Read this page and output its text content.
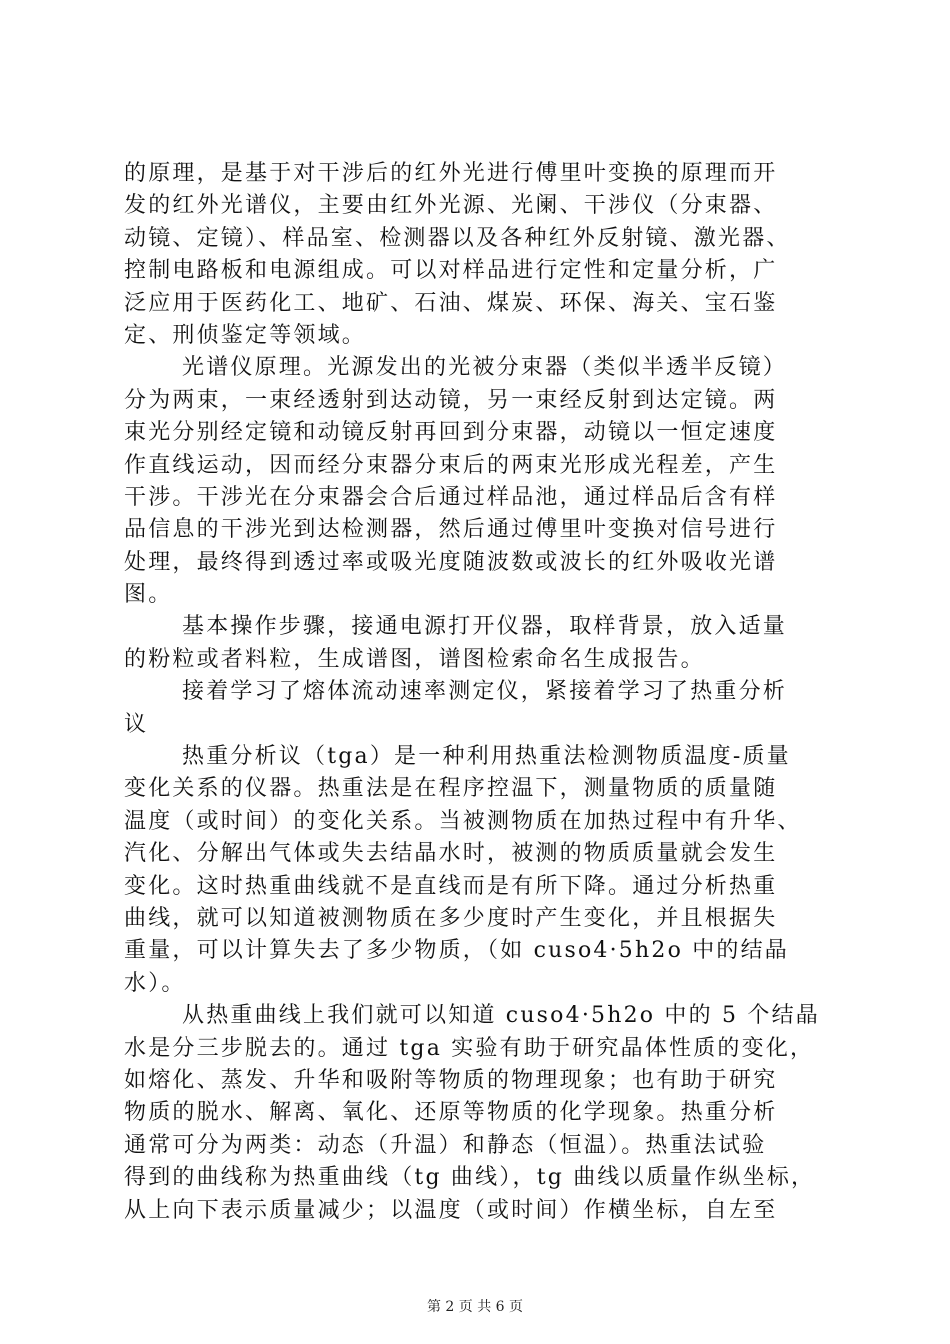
的原理，是基于对干涉后的红外光进行傅里叶变换的原理而开
发的红外光谱仪，主要由红外光源、光阑、干涉仪（分束器、
动镜、定镜）、样品室、检测器以及各种红外反射镜、激光器、
控制电路板和电源组成。可以对样品进行定性和定量分析，广
泛应用于医药化工、地矿、石油、煤炭、环保、海关、宝石鉴
定、刑侦鉴定等领域。
光谱仪原理。光源发出的光被分束器（类似半透半反镜）
分为两束，一束经透射到达动镜，另一束经反射到达定镜。两
束光分别经定镜和动镜反射再回到分束器，动镜以一恒定速度
作直线运动，因而经分束器分束后的两束光形成光程差，产生
干涉。干涉光在分束器会合后通过样品池，通过样品后含有样
品信息的干涉光到达检测器，然后通过傅里叶变换对信号进行
处理，最终得到透过率或吸光度随波数或波长的红外吸收光谱
图。
基本操作步骤，接通电源打开仪器，取样背景，放入适量
的粉粒或者料粒，生成谱图，谱图检索命名生成报告。
接着学习了熔体流动速率测定仪，紧接着学习了热重分析
议
热重分析议（tga）是一种利用热重法检测物质温度-质量
变化关系的仪器。热重法是在程序控温下，测量物质的质量随
温度（或时间）的变化关系。当被测物质在加热过程中有升华、
汽化、分解出气体或失去结晶水时，被测的物质质量就会发生
变化。这时热重曲线就不是直线而是有所下降。通过分析热重
曲线，就可以知道被测物质在多少度时产生变化，并且根据失
重量，可以计算失去了多少物质，（如 cuso4·5h2o 中的结晶
水）。
从热重曲线上我们就可以知道 cuso4·5h2o 中的 5 个结晶
水是分三步脱去的。通过 tga 实验有助于研究晶体性质的变化，
如熔化、蒸发、升华和吸附等物质的物理现象；也有助于研究
物质的脱水、解离、氧化、还原等物质的化学现象。热重分析
通常可分为两类：动态（升温）和静态（恒温）。热重法试验
得到的曲线称为热重曲线（tg 曲线），tg 曲线以质量作纵坐标，
从上向下表示质量减少；以温度（或时间）作横坐标，自左至
第 2 页 共 6 页
